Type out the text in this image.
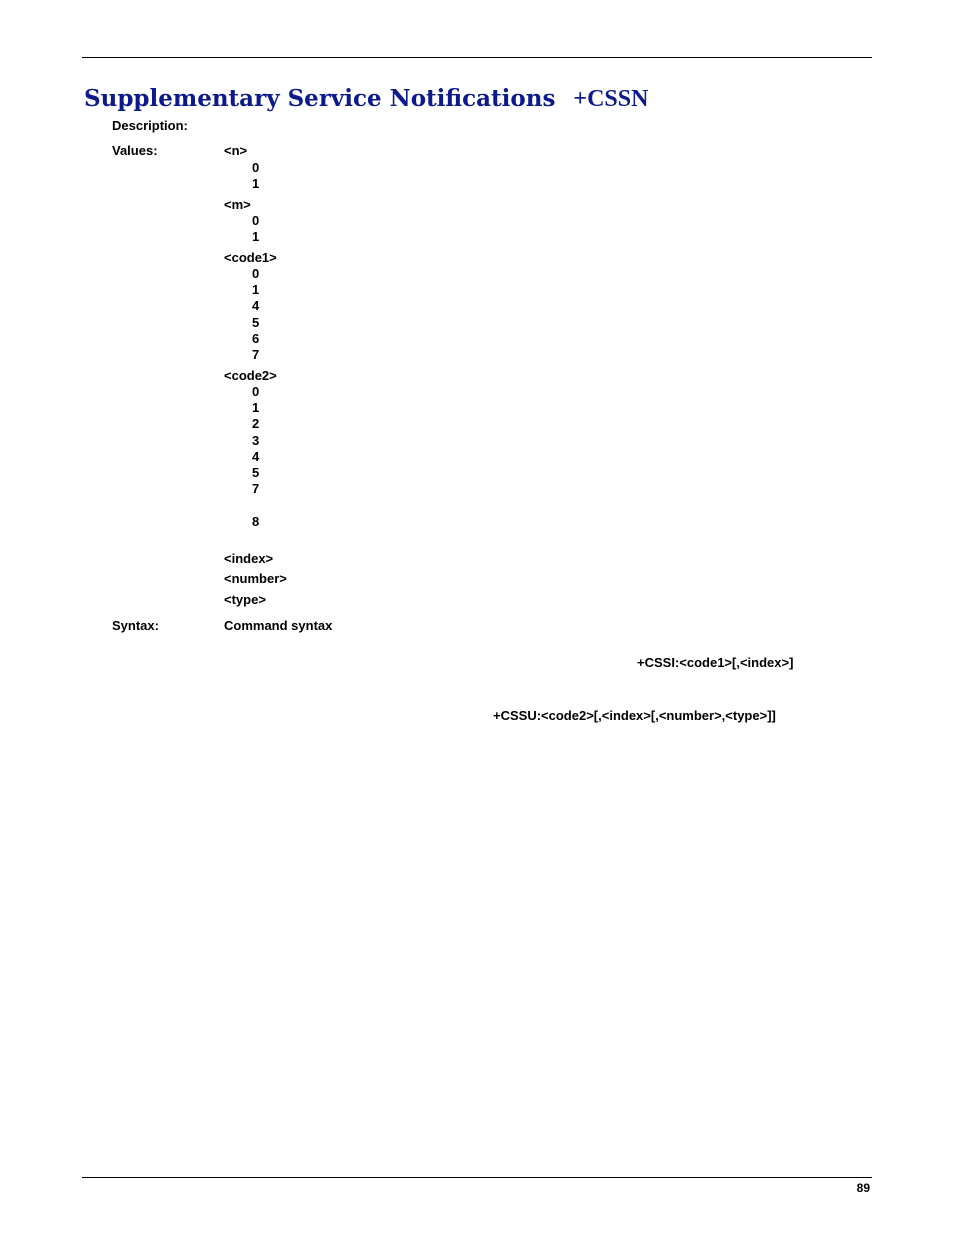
Supplementary Service Notifications +CSSN
Description:
Values:	<n>
0
1
<m>
0
1
<code1>
0
1
4
5
6
7
<code2>
0
1
2
3
4
5
7
8
<index>
<number>
<type>
Syntax:	Command syntax
+CSSI:<code1>[,<index>]
+CSSU:<code2>[,<index>[,<number>,<type>]]
89
